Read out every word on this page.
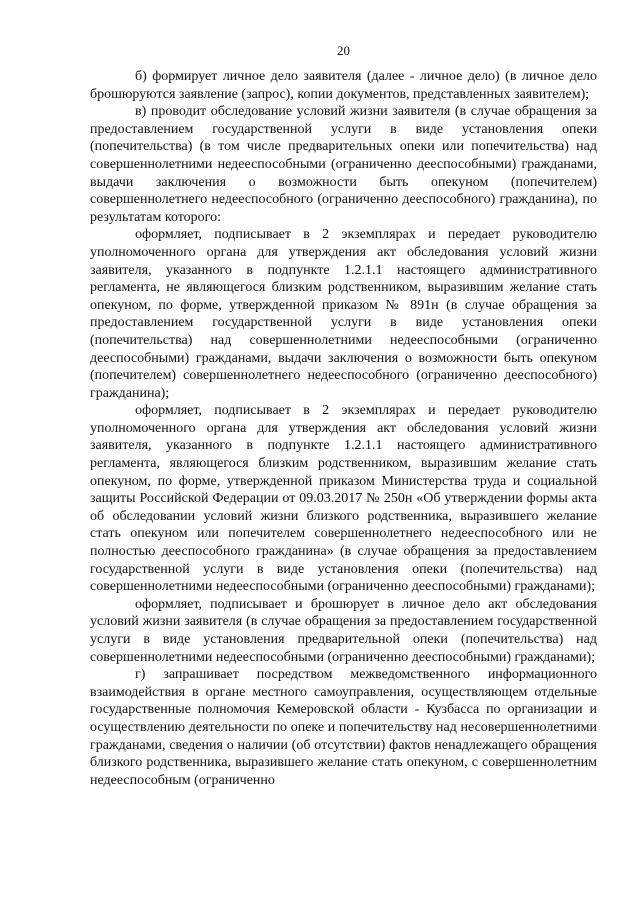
20

б) формирует личное дело заявителя (далее - личное дело) (в личное дело брошюруются заявление (запрос), копии документов, представленных заявителем);

в) проводит обследование условий жизни заявителя (в случае обращения за предоставлением государственной услуги в виде установления опеки (попечительства) (в том числе предварительных опеки или попечительства) над совершеннолетними недееспособными (ограниченно дееспособными) гражданами, выдачи заключения о возможности быть опекуном (попечителем) совершеннолетнего недееспособного (ограниченно дееспособного) гражданина), по результатам которого:

оформляет, подписывает в 2 экземплярах и передает руководителю уполномоченного органа для утверждения акт обследования условий жизни заявителя, указанного в подпункте 1.2.1.1 настоящего административного регламента, не являющегося близким родственником, выразившим желание стать опекуном, по форме, утвержденной приказом № 891н (в случае обращения за предоставлением государственной услуги в виде установления опеки (попечительства) над совершеннолетними недееспособными (ограниченно дееспособными) гражданами, выдачи заключения о возможности быть опекуном (попечителем) совершеннолетнего недееспособного (ограниченно дееспособного) гражданина);

оформляет, подписывает в 2 экземплярах и передает руководителю уполномоченного органа для утверждения акт обследования условий жизни заявителя, указанного в подпункте 1.2.1.1 настоящего административного регламента, являющегося близким родственником, выразившим желание стать опекуном, по форме, утвержденной приказом Министерства труда и социальной защиты Российской Федерации от 09.03.2017 № 250н «Об утверждении формы акта об обследовании условий жизни близкого родственника, выразившего желание стать опекуном или попечителем совершеннолетнего недееспособного или не полностью дееспособного гражданина» (в случае обращения за предоставлением государственной услуги в виде установления опеки (попечительства) над совершеннолетними недееспособными (ограниченно дееспособными) гражданами);

оформляет, подписывает и брошюрует в личное дело акт обследования условий жизни заявителя (в случае обращения за предоставлением государственной услуги в виде установления предварительной опеки (попечительства) над совершеннолетними недееспособными (ограниченно дееспособными) гражданами);

г) запрашивает посредством межведомственного информационного взаимодействия в органе местного самоуправления, осуществляющем отдельные государственные полномочия Кемеровской области - Кузбасса по организации и осуществлению деятельности по опеке и попечительству над несовершеннолетними гражданами, сведения о наличии (об отсутствии) фактов ненадлежащего обращения близкого родственника, выразившего желание стать опекуном, с совершеннолетним недееспособным (ограниченно
